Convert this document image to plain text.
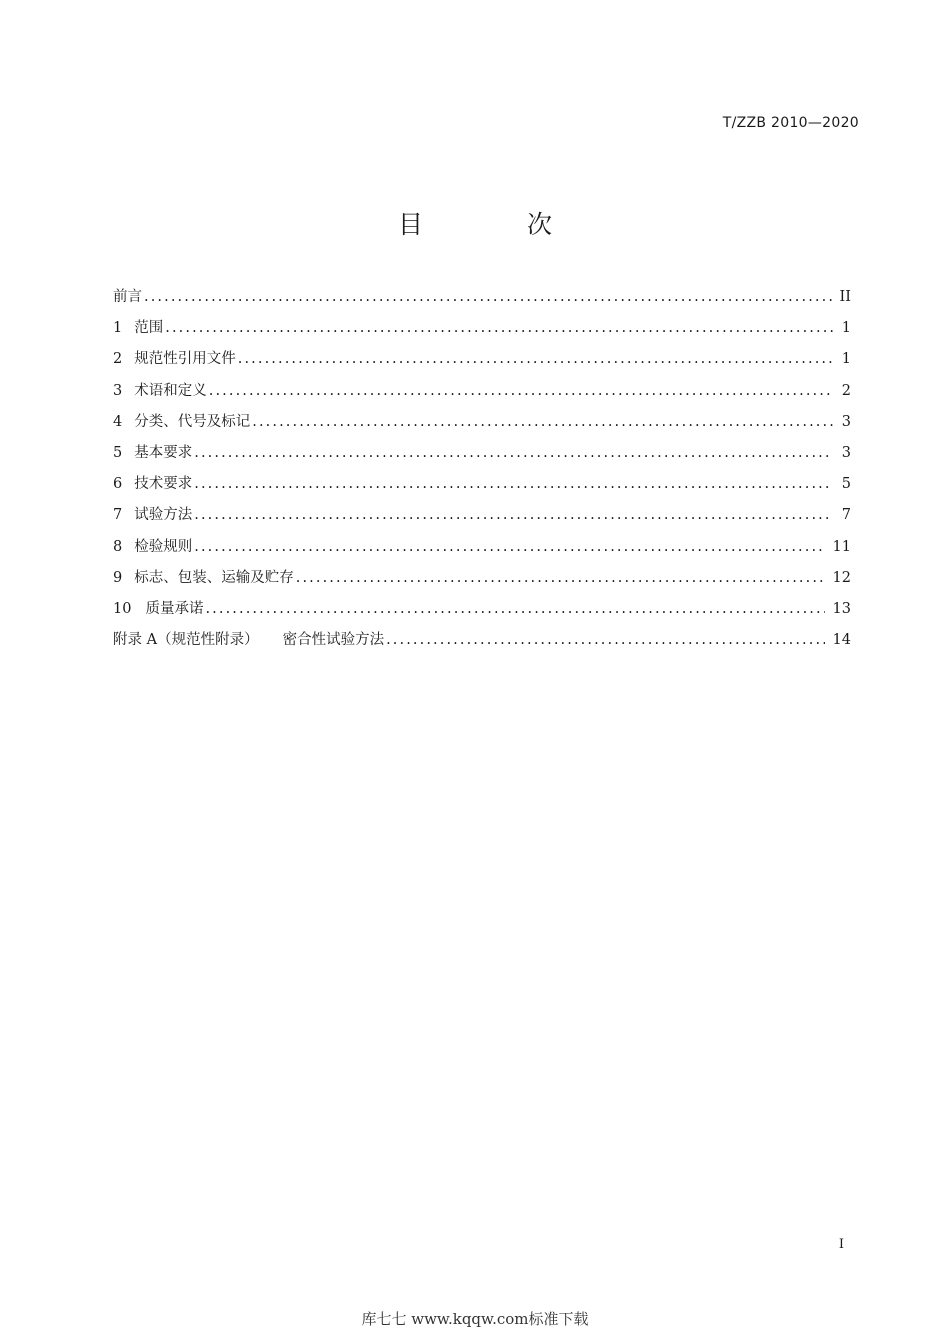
T/ZZB 2010—2020
目 次
前言 .....	II
1 范围 .....	1
2 规范性引用文件 .....	1
3 术语和定义 .....	2
4 分类、代号及标记 .....	3
5 基本要求 .....	3
6 技术要求 .....	5
7 试验方法 .....	7
8 检验规则 .....	11
9 标志、包装、运输及贮存 .....	12
10 质量承诺 .....	13
附录 A（规范性附录） 密合性试验方法 .....	14
I
库七七 www.kqqw.com标准下载
